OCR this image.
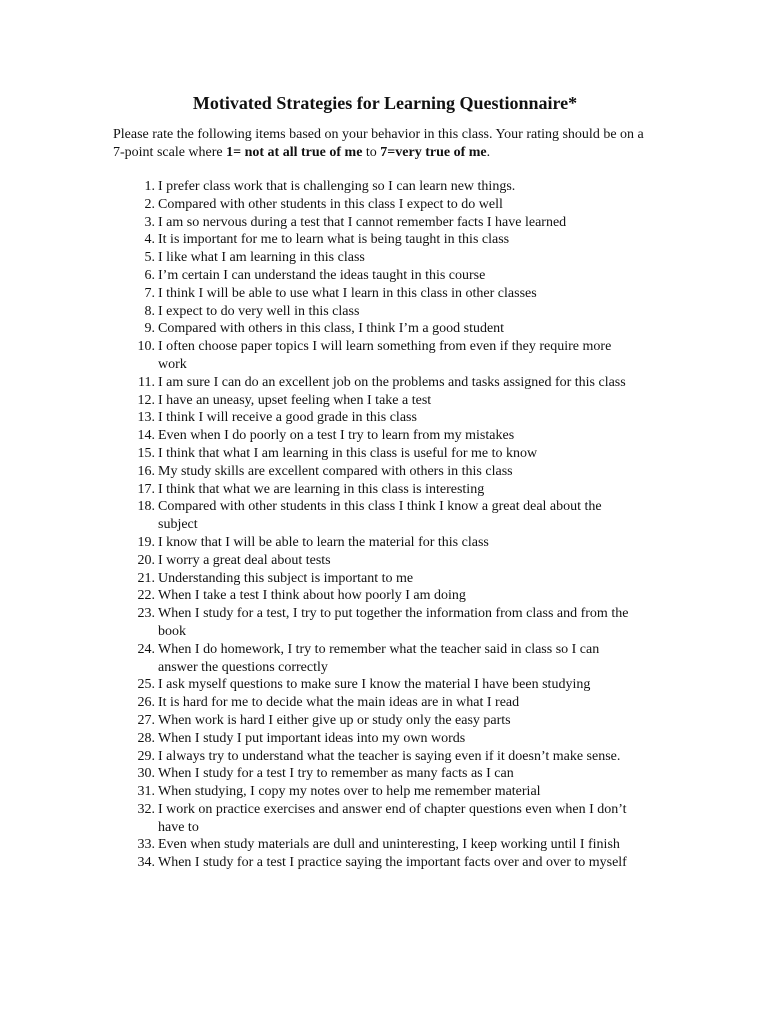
Motivated Strategies for Learning Questionnaire*

Please rate the following items based on your behavior in this class. Your rating should be on a 7-point scale where 1= not at all true of me to 7=very true of me.

1. I prefer class work that is challenging so I can learn new things.
2. Compared with other students in this class I expect to do well
3. I am so nervous during a test that I cannot remember facts I have learned
4. It is important for me to learn what is being taught in this class
5. I like what I am learning in this class
6. I’m certain I can understand the ideas taught in this course
7. I think I will be able to use what I learn in this class in other classes
8. I expect to do very well in this class
9. Compared with others in this class, I think I’m a good student
10. I often choose paper topics I will learn something from even if they require more work
11. I am sure I can do an excellent job on the problems and tasks assigned for this class
12. I have an uneasy, upset feeling when I take a test
13. I think I will receive a good grade in this class
14. Even when I do poorly on a test I try to learn from my mistakes
15. I think that what I am learning in this class is useful for me to know
16. My study skills are excellent compared with others in this class
17. I think that what we are learning in this class is interesting
18. Compared with other students in this class I think I know a great deal about the subject
19. I know that I will be able to learn the material for this class
20. I worry a great deal about tests
21. Understanding this subject is important to me
22. When I take a test I think about how poorly I am doing
23. When I study for a test, I try to put together the information from class and from the book
24. When I do homework, I try to remember what the teacher said in class so I can answer the questions correctly
25. I ask myself questions to make sure I know the material I have been studying
26. It is hard for me to decide what the main ideas are in what I read
27. When work is hard I either give up or study only the easy parts
28. When I study I put important ideas into my own words
29. I always try to understand what the teacher is saying even if it doesn’t make sense.
30. When I study for a test I try to remember as many facts as I can
31. When studying, I copy my notes over to help me remember material
32. I work on practice exercises and answer end of chapter questions even when I don’t have to
33. Even when study materials are dull and uninteresting, I keep working until I finish
34. When I study for a test I practice saying the important facts over and over to myself
